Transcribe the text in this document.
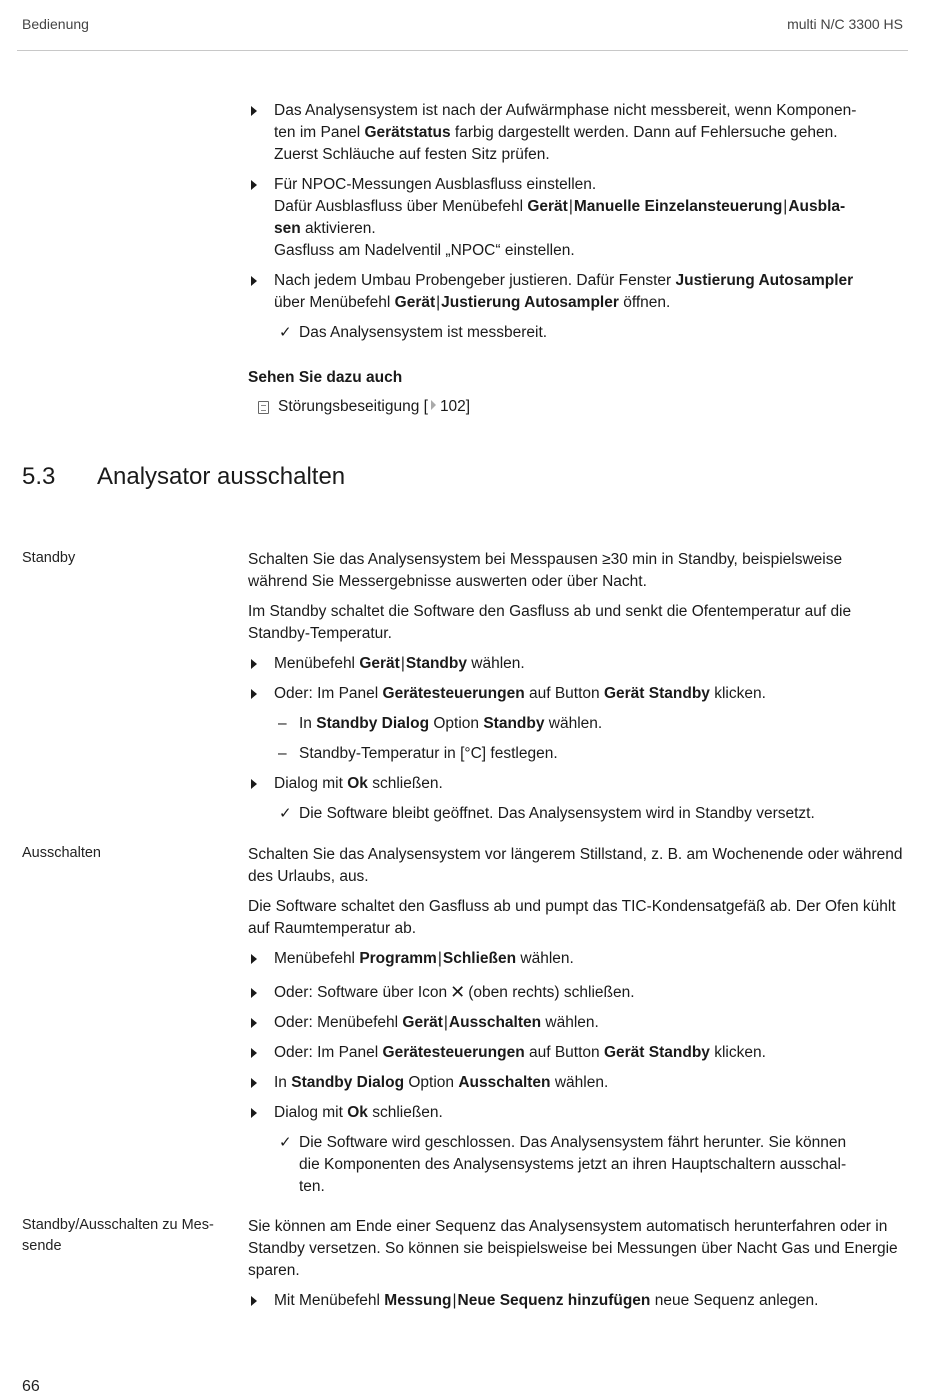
Bedienung	multi N/C 3300 HS
Das Analysensystem ist nach der Aufwärmphase nicht messbereit, wenn Komponen-
ten im Panel Gerätstatus farbig dargestellt werden. Dann auf Fehlersuche gehen.
Zuerst Schläuche auf festen Sitz prüfen.
Für NPOC-Messungen Ausblasfluss einstellen.
Dafür Ausblasfluss über Menübefehl Gerät|Manuelle Einzelansteuerung|Ausbla-
sen aktivieren.
Gasfluss am Nadelventil „NPOC“ einstellen.
Nach jedem Umbau Probengeber justieren. Dafür Fenster Justierung Autosampler
über Menübefehl Gerät|Justierung Autosampler öffnen.
✓ Das Analysensystem ist messbereit.
Sehen Sie dazu auch
Störungsbeseitigung [ 102]
5.3 Analysator ausschalten
Standby	Schalten Sie das Analysensystem bei Messpausen ≥30 min in Standby, beispielsweise während Sie Messergebnisse auswerten oder über Nacht.

Im Standby schaltet die Software den Gasfluss ab und senkt die Ofentemperatur auf die Standby-Temperatur.

Menübefehl Gerät|Standby wählen.
Oder: Im Panel Gerätesteuerungen auf Button Gerät Standby klicken.
– In Standby Dialog Option Standby wählen.
– Standby-Temperatur in [°C] festlegen.
Dialog mit Ok schließen.
✓ Die Software bleibt geöffnet. Das Analysensystem wird in Standby versetzt.
Ausschalten	Schalten Sie das Analysensystem vor längerem Stillstand, z. B. am Wochenende oder während des Urlaubs, aus.

Die Software schaltet den Gasfluss ab und pumpt das TIC-Kondensatgefäß ab. Der Ofen kühlt auf Raumtemperatur ab.

Menübefehl Programm|Schließen wählen.
Oder: Software über Icon ✕ (oben rechts) schließen.
Oder: Menübefehl Gerät|Ausschalten wählen.
Oder: Im Panel Gerätesteuerungen auf Button Gerät Standby klicken.
In Standby Dialog Option Ausschalten wählen.
Dialog mit Ok schließen.
✓ Die Software wird geschlossen. Das Analysensystem fährt herunter. Sie können
die Komponenten des Analysensystems jetzt an ihren Hauptschaltern ausschal-
ten.
Standby/Ausschalten zu Mes-
sende

Sie können am Ende einer Sequenz das Analysensystem automatisch herunterfahren oder in Standby versetzen. So können sie beispielsweise bei Messungen über Nacht Gas und Energie sparen.

Mit Menübefehl Messung|Neue Sequenz hinzufügen neue Sequenz anlegen.
66
